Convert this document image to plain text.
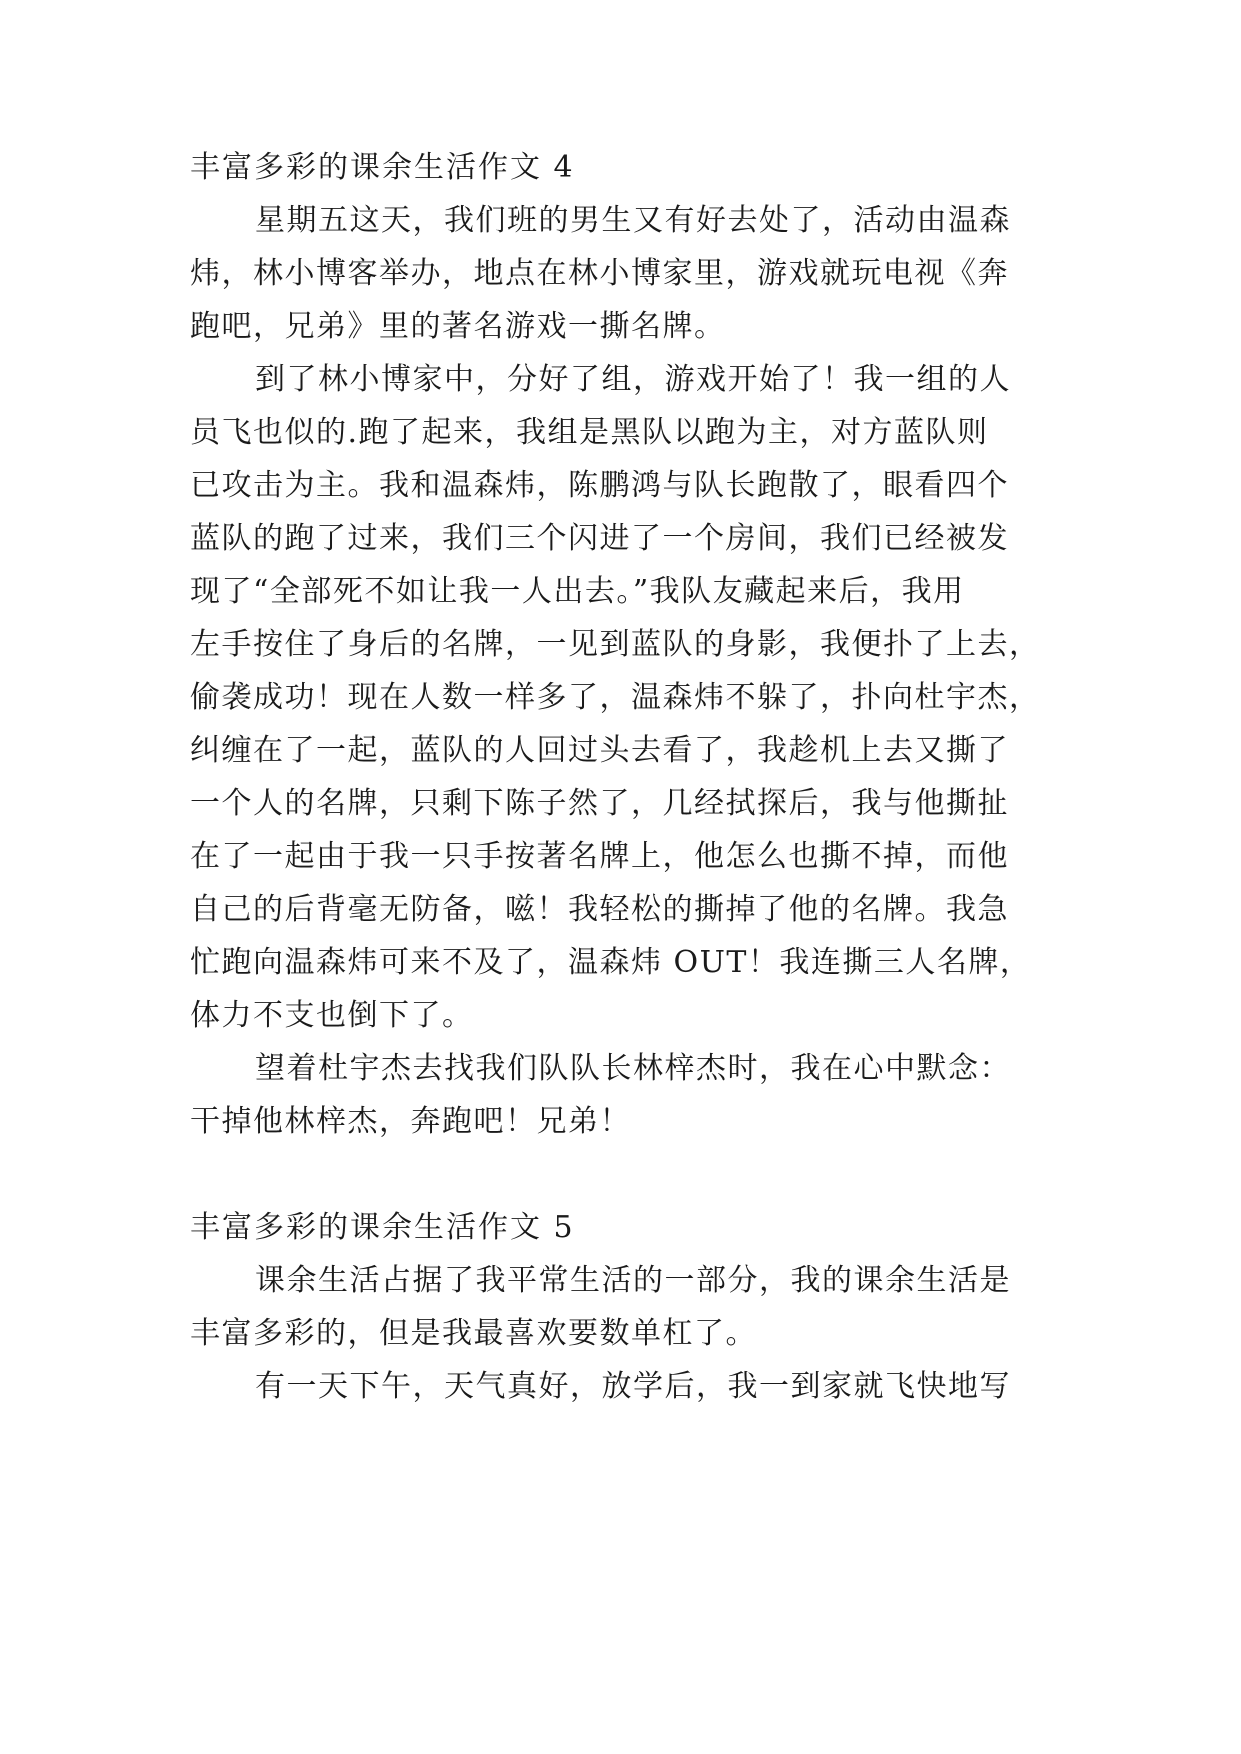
丰富多彩的课余生活作文 4
星期五这天，我们班的男生又有好去处了，活动由温森
炜，林小博客举办，地点在林小博家里，游戏就玩电视《奔
跑吧，兄弟》里的著名游戏一撕名牌。
到了林小博家中，分好了组，游戏开始了！我一组的人
员飞也似的.跑了起来，我组是黑队以跑为主，对方蓝队则
已攻击为主。我和温森炜，陈鹏鸿与队长跑散了，眼看四个
蓝队的跑了过来，我们三个闪进了一个房间，我们已经被发
现了“全部死不如让我一人出去。”我队友藏起来后，我用
左手按住了身后的名牌，一见到蓝队的身影，我便扑了上去，
偷袭成功！现在人数一样多了，温森炜不躲了，扑向杜宇杰，
纠缠在了一起，蓝队的人回过头去看了，我趁机上去又撕了
一个人的名牌，只剩下陈子然了，几经拭探后，我与他撕扯
在了一起由于我一只手按著名牌上，他怎么也撕不掉，而他
自己的后背毫无防备，嗞！我轻松的撕掉了他的名牌。我急
忙跑向温森炜可来不及了，温森炜 OUT！我连撕三人名牌，
体力不支也倒下了。
望着杜宇杰去找我们队队长林梓杰时，我在心中默念：
干掉他林梓杰，奔跑吧！兄弟！
丰富多彩的课余生活作文 5
课余生活占据了我平常生活的一部分，我的课余生活是
丰富多彩的，但是我最喜欢要数单杠了。
有一天下午，天气真好，放学后，我一到家就飞快地写
